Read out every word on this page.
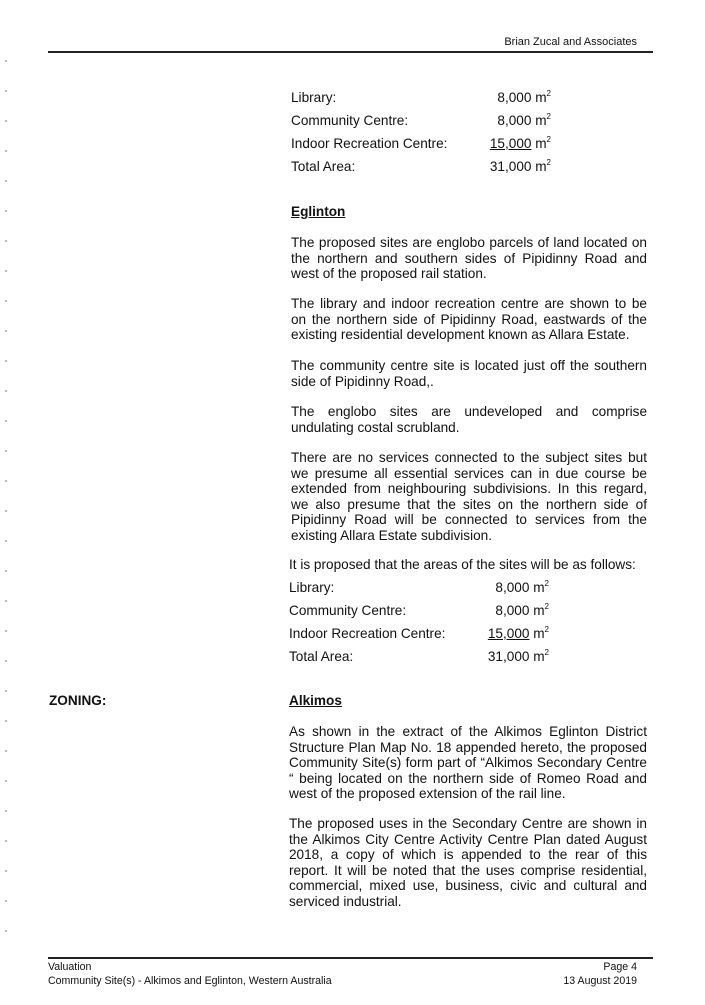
Brian Zucal and Associates
Library:	8,000 $m^2$
Community Centre:	8,000 $m^2$
Indoor Recreation Centre:	15,000 $m^2$
Total Area:	31,000 $m^2$
Eglinton

The proposed sites are englobo parcels of land located on the northern and southern sides of Pipidinny Road and west of the proposed rail station.

The library and indoor recreation centre are shown to be on the northern side of Pipidinny Road, eastwards of the existing residential development known as Allara Estate.

The community centre site is located just off the southern side of Pipidinny Road,.

The englobo sites are undeveloped and comprise undulating costal scrubland.

There are no services connected to the subject sites but we presume all essential services can in due course be extended from neighbouring subdivisions. In this regard, we also presume that the sites on the northern side of Pipidinny Road will be connected to services from the existing Allara Estate subdivision.

It is proposed that the areas of the sites will be as follows:

Library:	8,000 $m^2$
Community Centre:	8,000 $m^2$
Indoor Recreation Centre:	15,000 $m^2$
Total Area:	31,000 $m^2$
ZONING:	Alkimos

As shown in the extract of the Alkimos Eglinton District Structure Plan Map No. 18 appended hereto, the proposed Community Site(s) form part of “Alkimos Secondary Centre “ being located on the northern side of Romeo Road and west of the proposed extension of the rail line.

The proposed uses in the Secondary Centre are shown in the Alkimos City Centre Activity Centre Plan dated August 2018, a copy of which is appended to the rear of this report. It will be noted that the uses comprise residential, commercial, mixed use, business, civic and cultural and serviced industrial.

Valuation
Community Site(s) - Alkimos and Eglinton, Western Australia
Page 4
13 August 2019
